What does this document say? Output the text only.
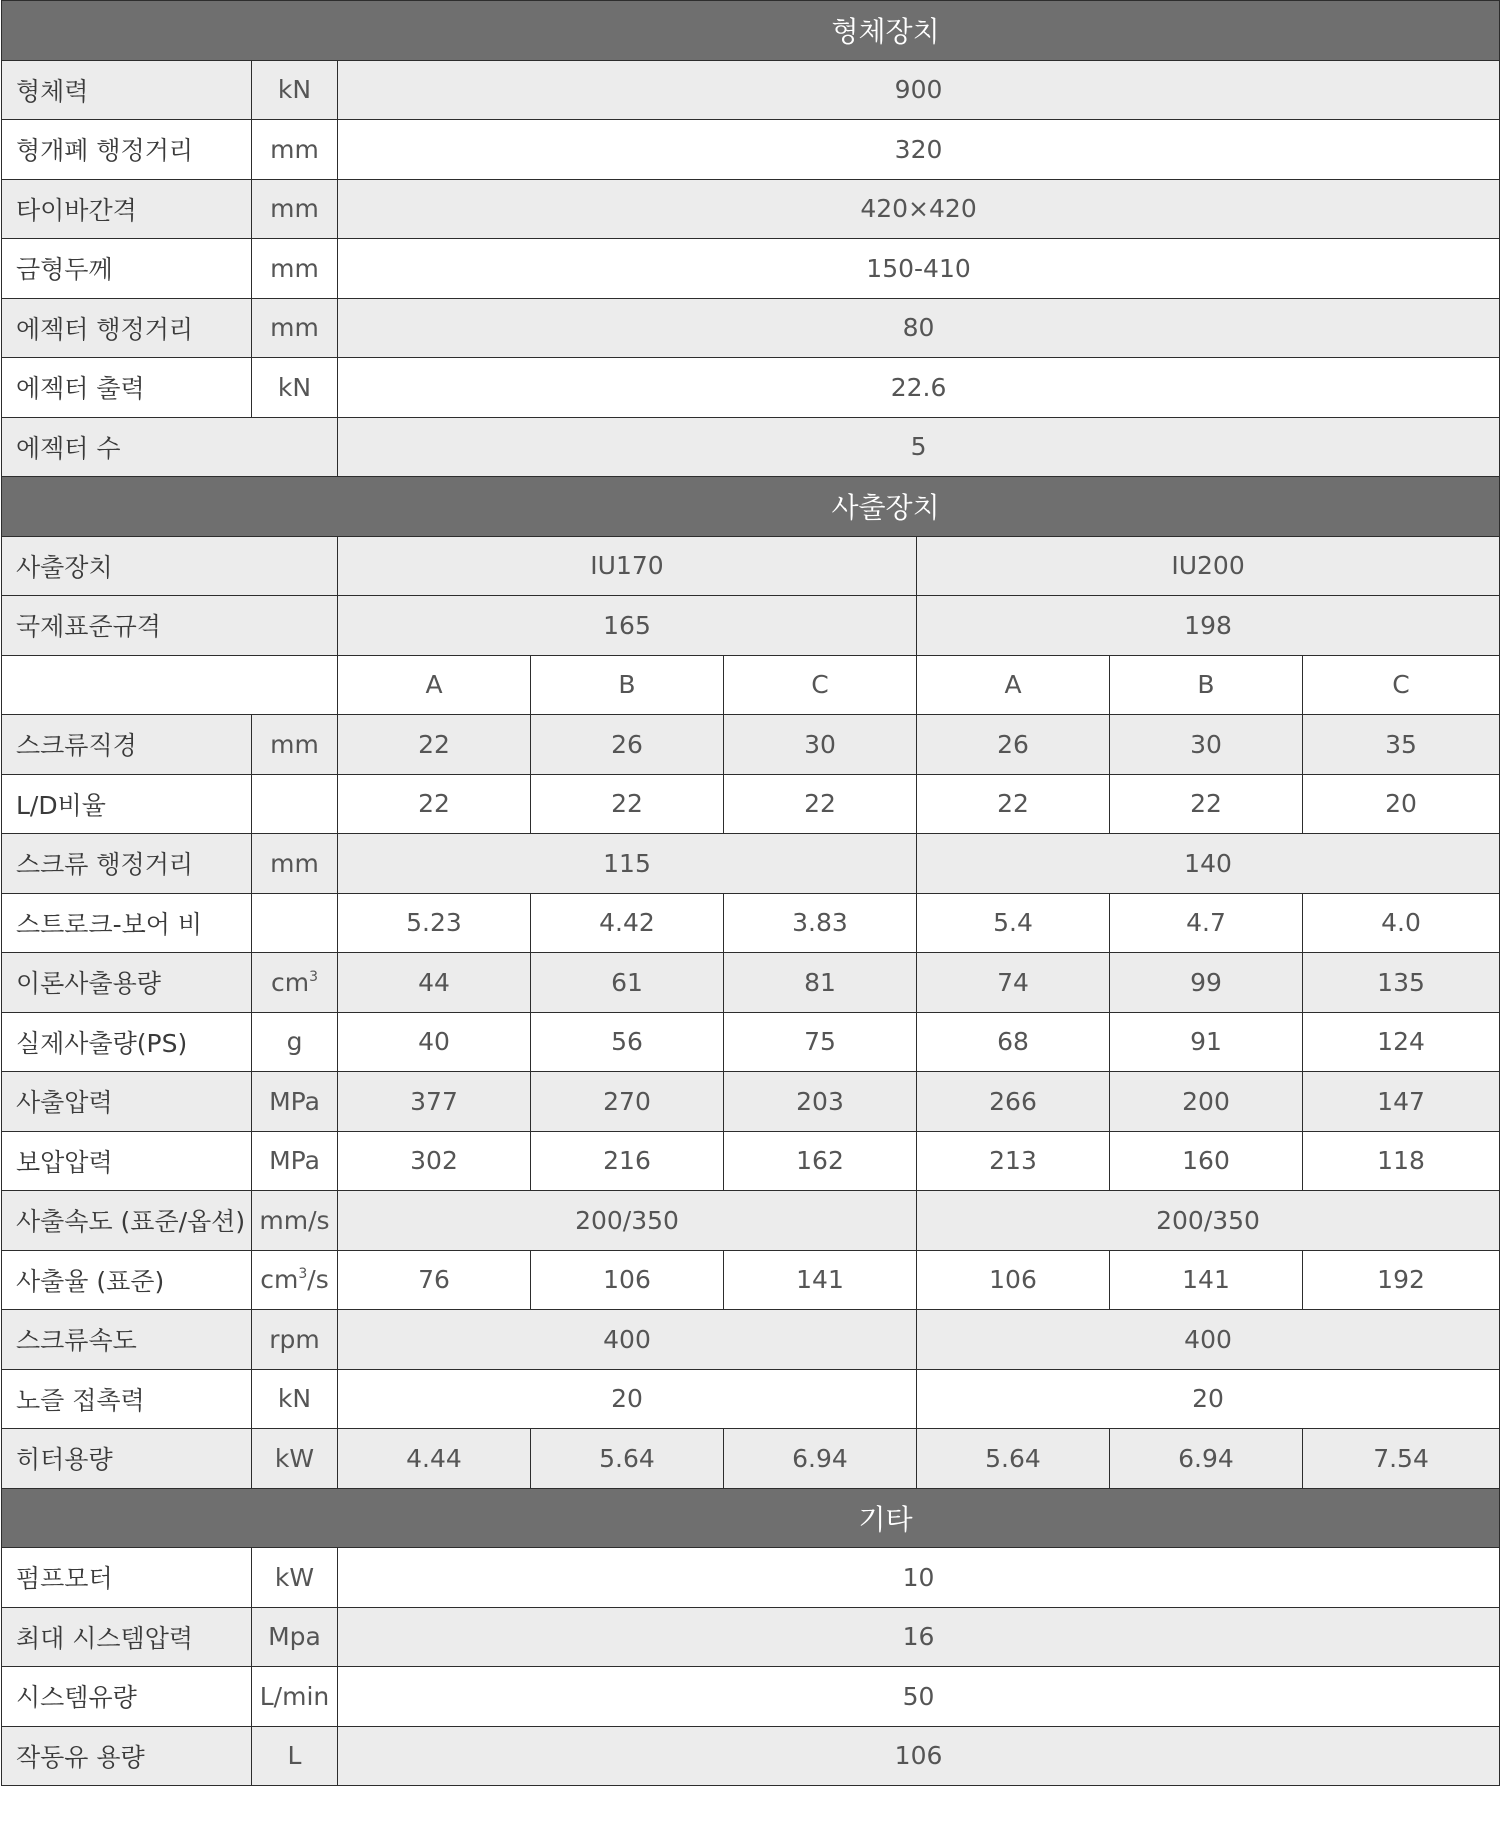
형체장치							
형체력	kN	900					
형개폐 행정거리	mm	320					
타이바간격	mm	420×420					
금형두께	mm	150-410					
에젝터 행정거리	mm	80					
에젝터 출력	kN	22.6					
에젝터 수		5					
사출장치							
사출장치		IU170			IU200		
국제표준규격		165			198		
		A	B	C	A	B	C
스크류직경	mm	22	26	30	26	30	35
L/D비율		22	22	22	22	22	20
스크류 행정거리	mm	115			140		
스트로크-보어 비		5.23	4.42	3.83	5.4	4.7	4.0
이론사출용량	$cm^3$	44	61	81	74	99	135
실제사출량(PS)	g	40	56	75	68	91	124
사출압력	MPa	377	270	203	266	200	147
보압압력	MPa	302	216	162	213	160	118
사출속도 (표준/옵션)	mm/s	200/350			200/350		
사출율 (표준)	$cm^3/s$	76	106	141	106	141	192
스크류속도	rpm	400			400		
노즐 접촉력	kN	20			20		
히터용량	kW	4.44	5.64	6.94	5.64	6.94	7.54
기타							
펌프모터	kW	10					
최대 시스템압력	Mpa	16					
시스템유량	L/min	50					
작동유 용량	L	106					
